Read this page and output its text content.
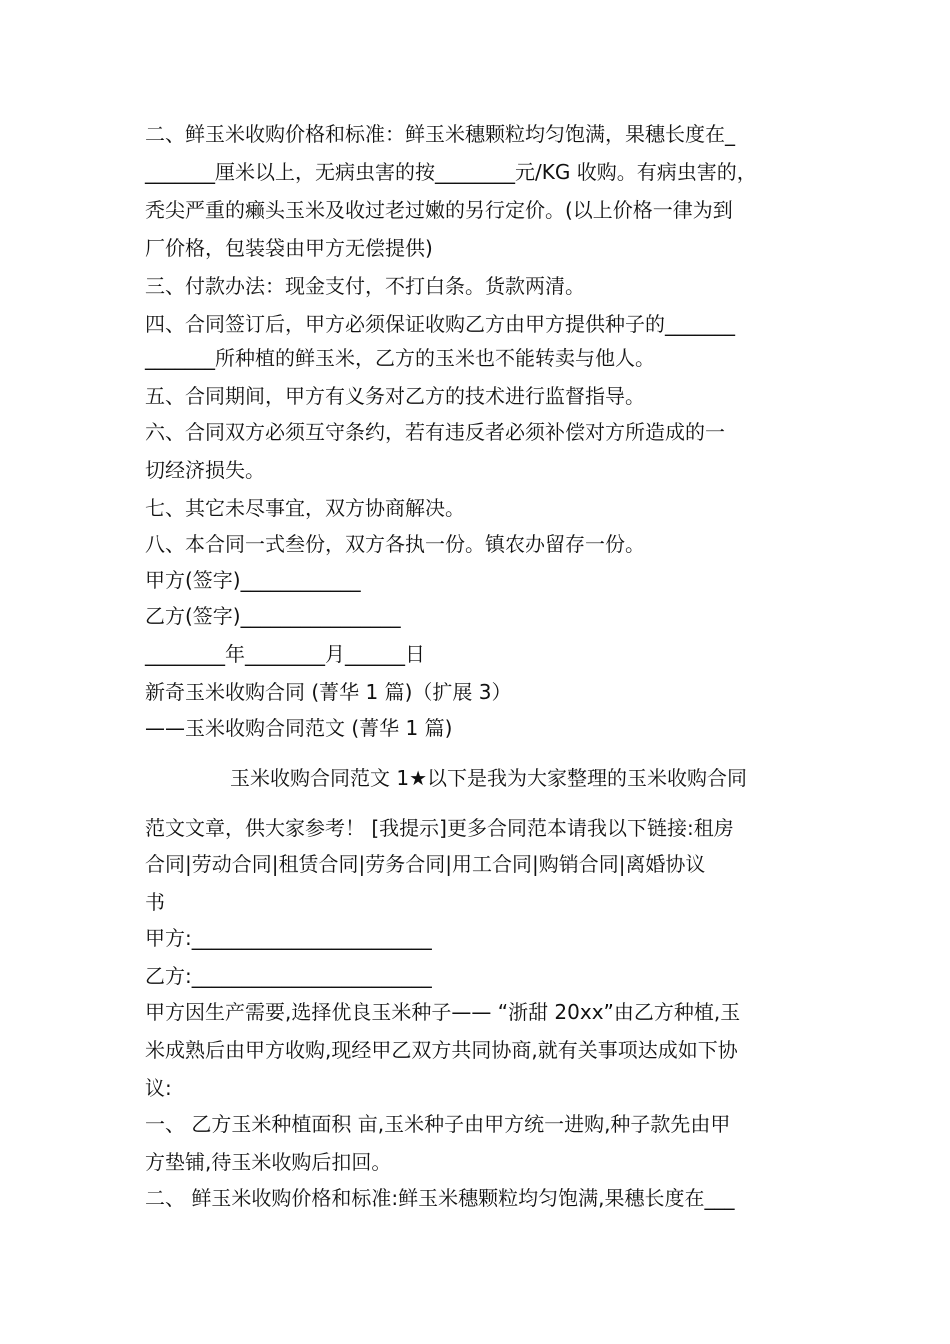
二、鲜玉米收购价格和标准：鲜玉米穗颗粒均匀饱满，果穗长度在_
_______厘米以上，无病虫害的按________元/KG 收购。有病虫害的，
秃尖严重的癞头玉米及收过老过嫩的另行定价。(以上价格一律为到
厂价格，包装袋由甲方无偿提供)
三、付款办法：现金支付，不打白条。货款两清。
四、合同签订后，甲方必须保证收购乙方由甲方提供种子的_______
_______所种植的鲜玉米，乙方的玉米也不能转卖与他人。
五、合同期间，甲方有义务对乙方的技术进行监督指导。
六、合同双方必须互守条约，若有违反者必须补偿对方所造成的一
切经济损失。
七、其它未尽事宜，双方协商解决。
八、本合同一式叁份，双方各执一份。镇农办留存一份。
甲方(签字)____________
乙方(签字)________________
________年________月______日
新奇玉米收购合同 (菁华 1 篇)（扩展 3）
——玉米收购合同范文 (菁华 1 篇)
玉米收购合同范文 1★以下是我为大家整理的玉米收购合同
范文文章，供大家参考！ [我提示]更多合同范本请我以下链接:租房
合同|劳动合同|租赁合同|劳务合同|用工合同|购销合同|离婚协议
书
甲方:________________________
乙方:________________________
甲方因生产需要,选择优良玉米种子—— “浙甜 20xx”由乙方种植,玉
米成熟后由甲方收购,现经甲乙双方共同协商,就有关事项达成如下协
议:
一、 乙方玉米种植面积 亩,玉米种子由甲方统一进购,种子款先由甲
方垫铺,待玉米收购后扣回。
二、 鲜玉米收购价格和标准:鲜玉米穗颗粒均匀饱满,果穗长度在___
